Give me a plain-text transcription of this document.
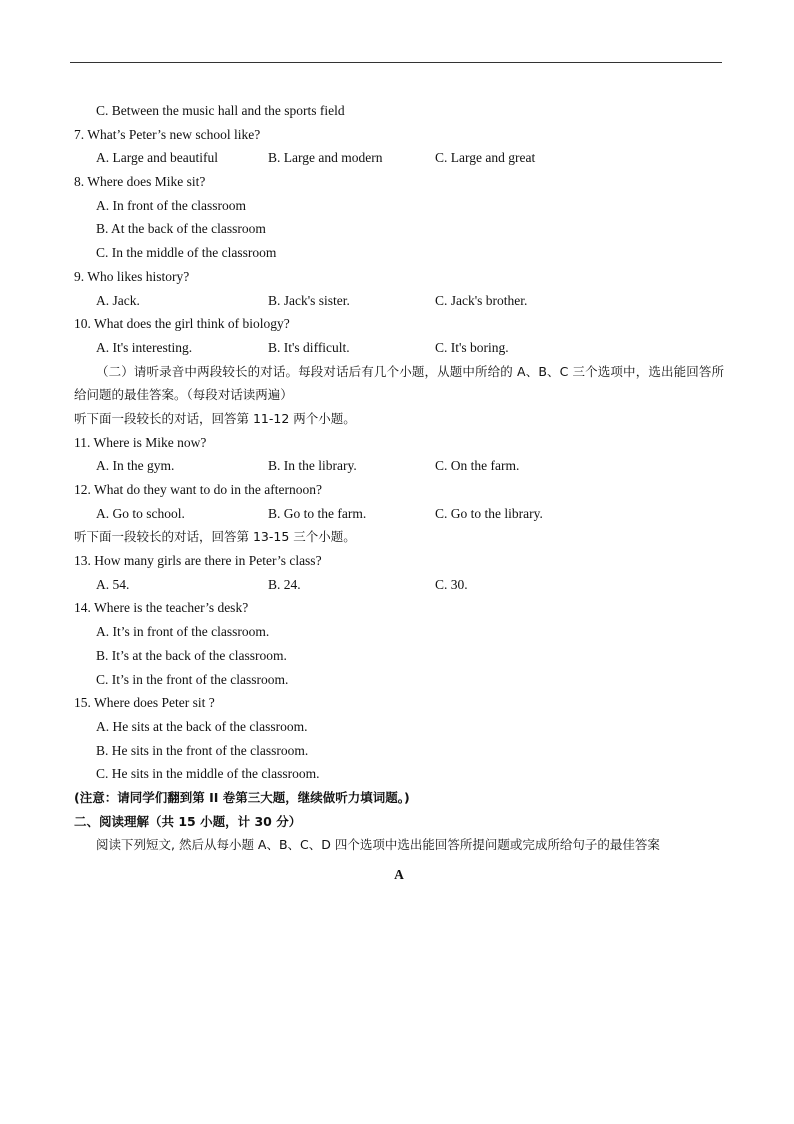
C. Between the music hall and the sports field
7. What’s Peter’s new school like?
A. Large and beautiful	B. Large and modern	C. Large and great
8. Where does Mike sit?
A. In front of the classroom
B. At the back of the classroom
C. In the middle of the classroom
9. Who likes history?
A. Jack.	B. Jack's sister.	C. Jack's brother.
10. What does the girl think of biology?
A. It's interesting.	B. It's difficult.	C. It's boring.
（二）请听录音中两段较长的对话。每段对话后有几个小题，从题中所给的 A、B、C 三个选项中，选出能回答所给问题的最佳答案。（每段对话读两遍）
听下面一段较长的对话，回答第 11-12 两个小题。
11. Where is Mike now?
A. In the gym.	B. In the library.	C. On the farm.
12. What do they want to do in the afternoon?
A. Go to school.	B. Go to the farm.	C. Go to the library.
听下面一段较长的对话，回答第 13-15 三个小题。
13. How many girls are there in Peter’s class?
A. 54.	B. 24.	C. 30.
14. Where is the teacher’s desk?
A. It’s in front of the classroom.
B. It’s at the back of the classroom.
C. It’s in the front of the classroom.
15. Where does Peter sit ?
A. He sits at the back of the classroom.
B. He sits in the front of the classroom.
C. He sits in the middle of the classroom.
(注意：请同学们翻到第 II 卷第三大题，继续做听力填词题。)
二、阅读理解（共 15 小题，计 30 分）
阅读下列短文, 然后从每小题 A、B、C、D 四个选项中选出能回答所提问题或完成所给句子的最佳答案
A
